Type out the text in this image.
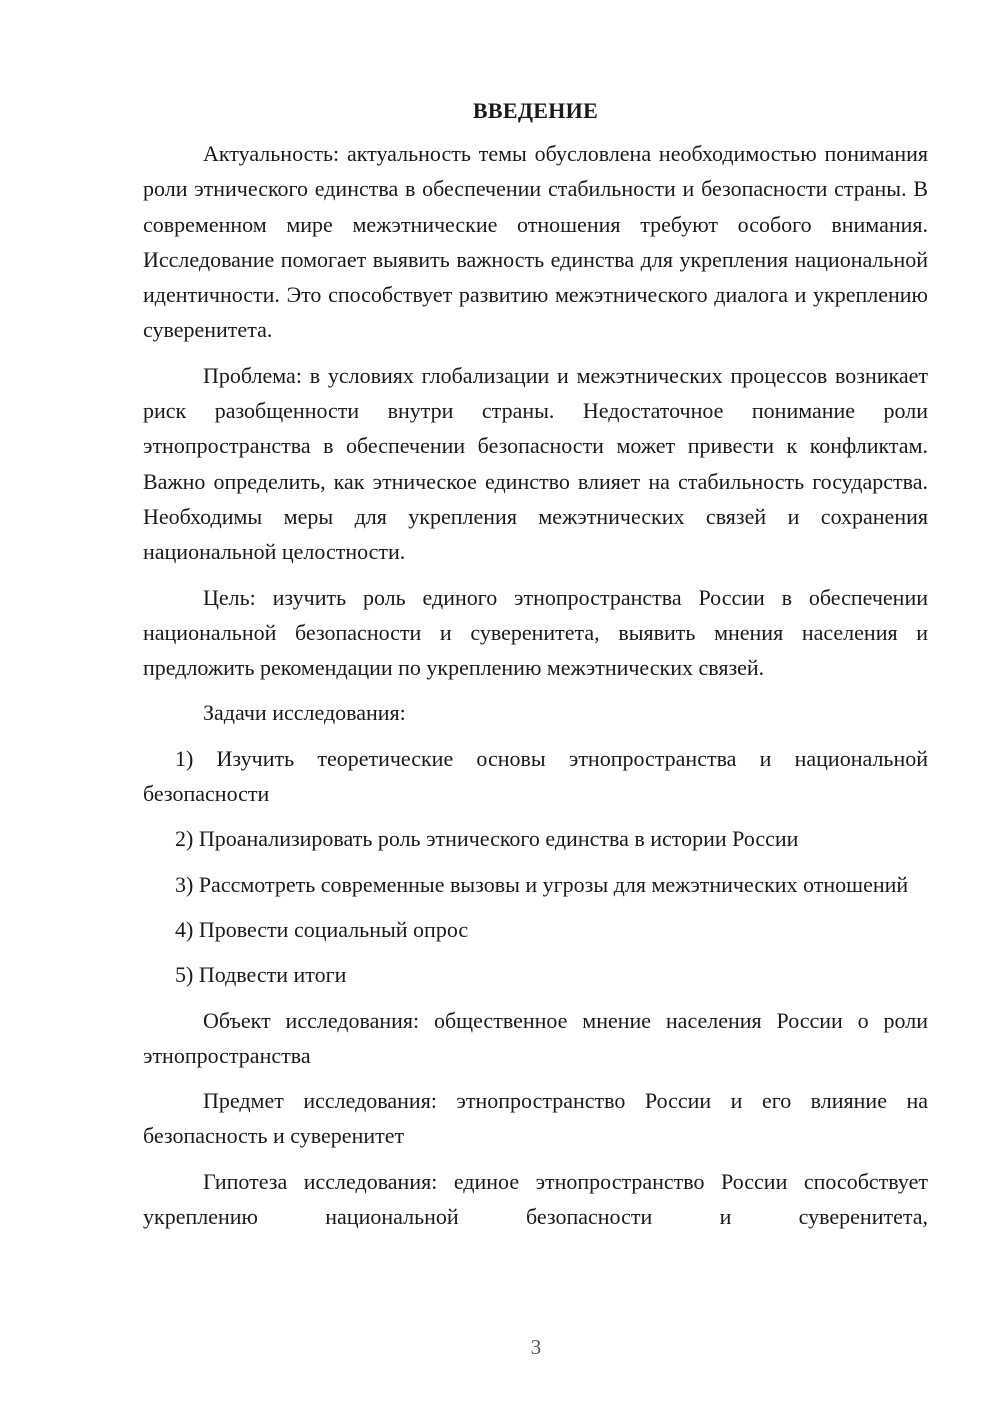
ВВЕДЕНИЕ

Актуальность: актуальность темы обусловлена необходимостью понимания роли этнического единства в обеспечении стабильности и безопасности страны. В современном мире межэтнические отношения требуют особого внимания. Исследование помогает выявить важность единства для укрепления национальной идентичности. Это способствует развитию межэтнического диалога и укреплению суверенитета.

Проблема: в условиях глобализации и межэтнических процессов возникает риск разобщенности внутри страны. Недостаточное понимание роли этнопространства в обеспечении безопасности может привести к конфликтам. Важно определить, как этническое единство влияет на стабильность государства. Необходимы меры для укрепления межэтнических связей и сохранения национальной целостности.

Цель: изучить роль единого этнопространства России в обеспечении национальной безопасности и суверенитета, выявить мнения населения и предложить рекомендации по укреплению межэтнических связей.

Задачи исследования:

1) Изучить теоретические основы этнопространства и национальной безопасности

2) Проанализировать роль этнического единства в истории России

3) Рассмотреть современные вызовы и угрозы для межэтнических отношений

4) Провести социальный опрос

5) Подвести итоги

Объект исследования: общественное мнение населения России о роли этнопространства

Предмет исследования: этнопространство России и его влияние на безопасность и суверенитет

Гипотеза исследования: единое этнопространство России способствует укреплению национальной безопасности и суверенитета,

3
